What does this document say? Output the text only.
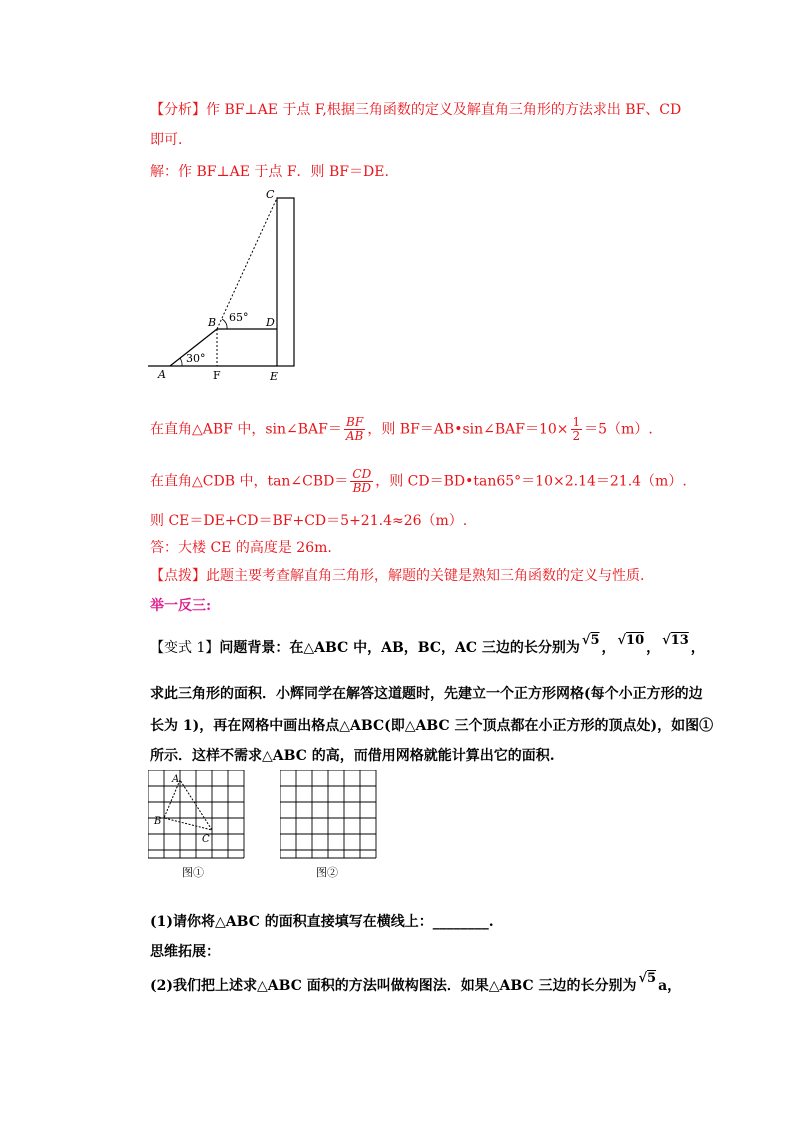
【分析】作 BF⊥AE 于点 F,根据三角函数的定义及解直角三角形的方法求出 BF、CD
即可.
解：作 BF⊥AE 于点 F．则 BF＝DE.
C
B	D
A	F	E
65°
30°
在直角△ABF 中，sin∠BAF＝ $\frac{BF}{AB}$ ，则 BF＝AB•sin∠BAF＝10× $\frac{1}{2} =5(m)$.
在直角△CDB 中，tan∠CBD＝ $\frac{CD}{BD}$ ，则 CD＝BD•tan65°＝10×2.14＝21.4（m）.
则 CE＝DE+CD＝BF+CD＝5+21.4≈26（m）.
答：大楼 CE 的高度是 26m.
【点拨】此题主要考查解直角三角形，解题的关键是熟知三角函数的定义与性质.
举一反三:
【变式 1】问题背景：在△ABC 中，AB，BC，AC 三边的长分别为 √5 ， √10 ， √13 ，
求此三角形的面积．小辉同学在解答这道题时，先建立一个正方形网格(每个小正方形的边
长为 1)，再在网格中画出格点△ABC(即△ABC 三个顶点都在小正方形的顶点处)，如图①
所示．这样不需求△ABC 的高，而借用网格就能计算出它的面积.
A
B
C
图①	图②
(1)请你将△ABC 的面积直接填写在横线上：________.
思维拓展：
(2)我们把上述求△ABC 面积的方法叫做构图法．如果△ABC 三边的长分别为 √5 a，
